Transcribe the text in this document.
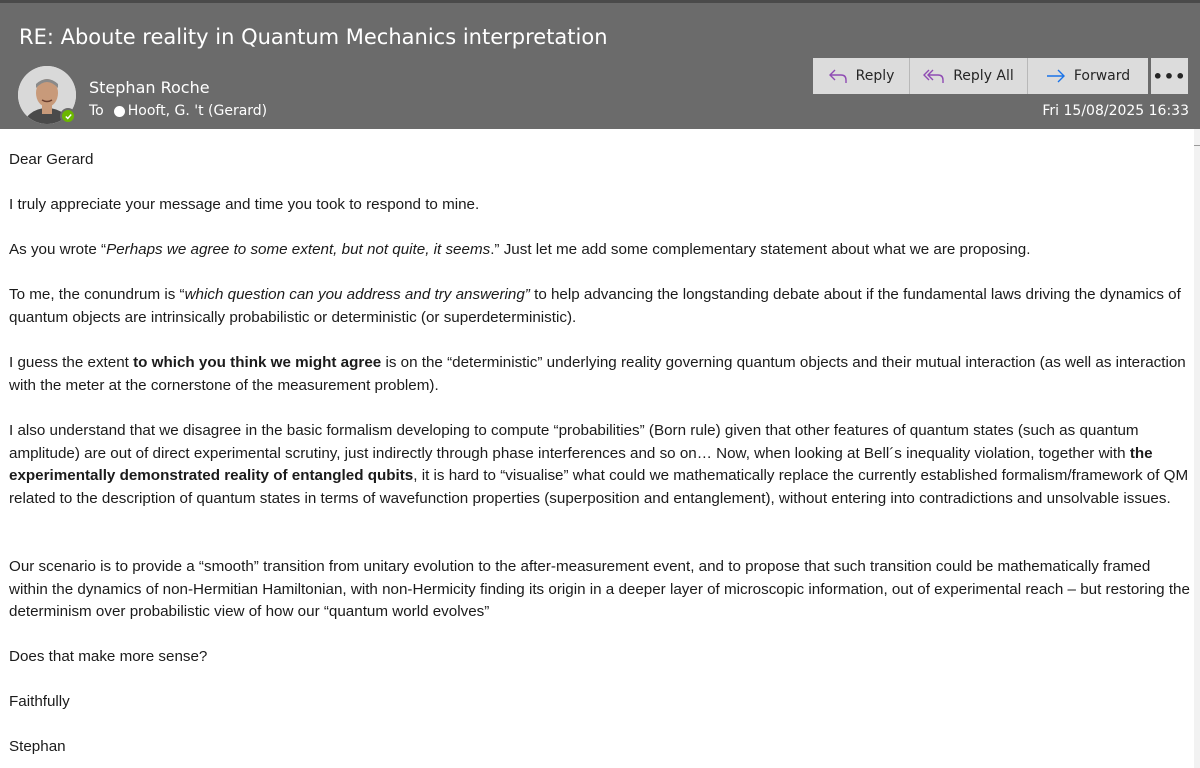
RE: Aboute reality in Quantum Mechanics interpretation
Stephan Roche
To Hooft, G. 't (Gerard)
Reply	Reply All	Forward •••
Fri 15/08/2025 16:33

Dear Gerard

I truly appreciate your message and time you took to respond to mine.

As you wrote “Perhaps we agree to some extent, but not quite, it seems.” Just let me add some complementary statement about what we are proposing.

To me, the conundrum is “which question can you address and try answering” to help advancing the longstanding debate about if the fundamental laws driving the dynamics of quantum objects are intrinsically probabilistic or deterministic (or superdeterministic).

I guess the extent to which you think we might agree is on the “deterministic” underlying reality governing quantum objects and their mutual interaction (as well as interaction with the meter at the cornerstone of the measurement problem).

I also understand that we disagree in the basic formalism developing to compute “probabilities” (Born rule) given that other features of quantum states (such as quantum amplitude) are out of direct experimental scrutiny, just indirectly through phase interferences and so on… Now, when looking at Bell´s inequality violation, together with the experimentally demonstrated reality of entangled qubits, it is hard to “visualise” what could we mathematically replace the currently established formalism/framework of QM related to the description of quantum states in terms of wavefunction properties (superposition and entanglement), without entering into contradictions and unsolvable issues.

Our scenario is to provide a “smooth” transition from unitary evolution to the after-measurement event, and to propose that such transition could be mathematically framed within the dynamics of non-Hermitian Hamiltonian, with non-Hermicity finding its origin in a deeper layer of microscopic information, out of experimental reach – but restoring the determinism over probabilistic view of how our “quantum world evolves”

Does that make more sense?

Faithfully

Stephan
